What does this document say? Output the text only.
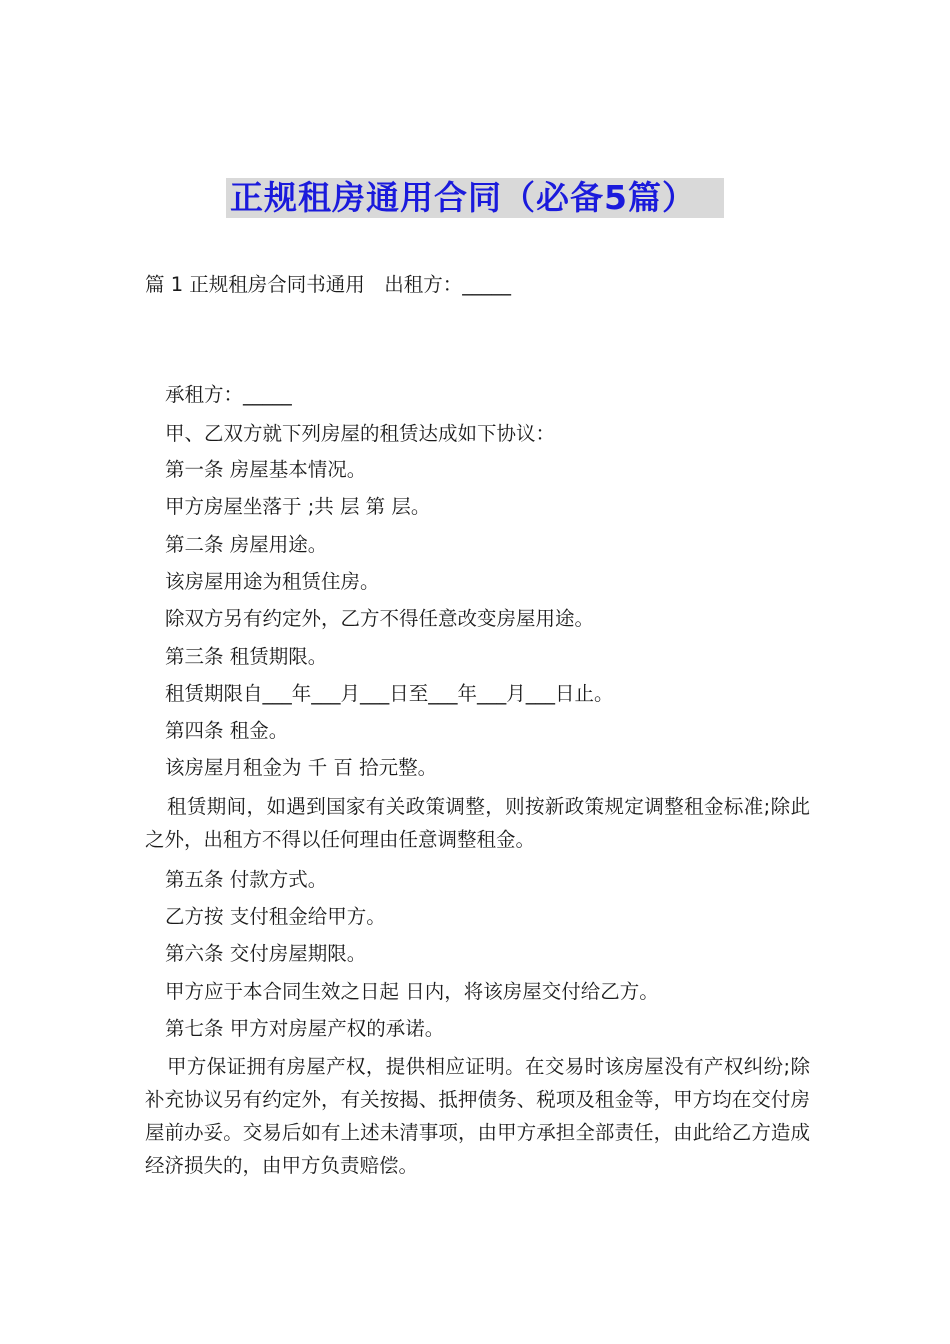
正规租房通用合同（必备5篇）
篇 1 正规租房合同书通用　出租方：_____
承租方：_____
甲、乙双方就下列房屋的租赁达成如下协议：
第一条 房屋基本情况。
甲方房屋坐落于 ;共 层 第 层。
第二条 房屋用途。
该房屋用途为租赁住房。
除双方另有约定外，乙方不得任意改变房屋用途。
第三条 租赁期限。
租赁期限自___年___月___日至___年___月___日止。
第四条 租金。
该房屋月租金为 千 百 拾元整。
租赁期间，如遇到国家有关政策调整，则按新政策规定调整租金标准;除此之外，出租方不得以任何理由任意调整租金。
第五条 付款方式。
乙方按 支付租金给甲方。
第六条 交付房屋期限。
甲方应于本合同生效之日起 日内，将该房屋交付给乙方。
第七条 甲方对房屋产权的承诺。
甲方保证拥有房屋产权，提供相应证明。在交易时该房屋没有产权纠纷;除补充协议另有约定外，有关按揭、抵押债务、税项及租金等，甲方均在交付房屋前办妥。交易后如有上述未清事项，由甲方承担全部责任，由此给乙方造成经济损失的，由甲方负责赔偿。
